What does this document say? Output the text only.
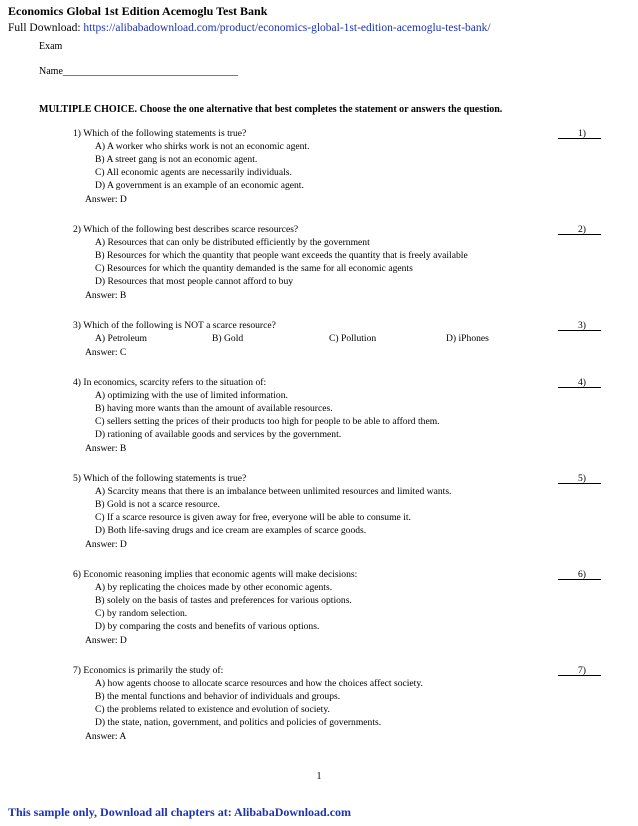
Economics Global 1st Edition Acemoglu Test Bank
Full Download: https://alibabadownload.com/product/economics-global-1st-edition-acemoglu-test-bank/
Exam
Name___________________________________
MULTIPLE CHOICE. Choose the one alternative that best completes the statement or answers the question.
1) Which of the following statements is true?
A) A worker who shirks work is not an economic agent.
B) A street gang is not an economic agent.
C) All economic agents are necessarily individuals.
D) A government is an example of an economic agent.
Answer: D
1)
2) Which of the following best describes scarce resources?
A) Resources that can only be distributed efficiently by the government
B) Resources for which the quantity that people want exceeds the quantity that is freely available
C) Resources for which the quantity demanded is the same for all economic agents
D) Resources that most people cannot afford to buy
Answer: B
2)
3) Which of the following is NOT a scarce resource?
A) Petroleum	B) Gold	C) Pollution	D) iPhones
Answer: C
3)
4) In economics, scarcity refers to the situation of:
A) optimizing with the use of limited information.
B) having more wants than the amount of available resources.
C) sellers setting the prices of their products too high for people to be able to afford them.
D) rationing of available goods and services by the government.
Answer: B
4)
5) Which of the following statements is true?
A) Scarcity means that there is an imbalance between unlimited resources and limited wants.
B) Gold is not a scarce resource.
C) If a scarce resource is given away for free, everyone will be able to consume it.
D) Both life-saving drugs and ice cream are examples of scarce goods.
Answer: D
5)
6) Economic reasoning implies that economic agents will make decisions:
A) by replicating the choices made by other economic agents.
B) solely on the basis of tastes and preferences for various options.
C) by random selection.
D) by comparing the costs and benefits of various options.
Answer: D
6)
7) Economics is primarily the study of:
A) how agents choose to allocate scarce resources and how the choices affect society.
B) the mental functions and behavior of individuals and groups.
C) the problems related to existence and evolution of society.
D) the state, nation, government, and politics and policies of governments.
Answer: A
7)
1
This sample only, Download all chapters at: AlibabaDownload.com
